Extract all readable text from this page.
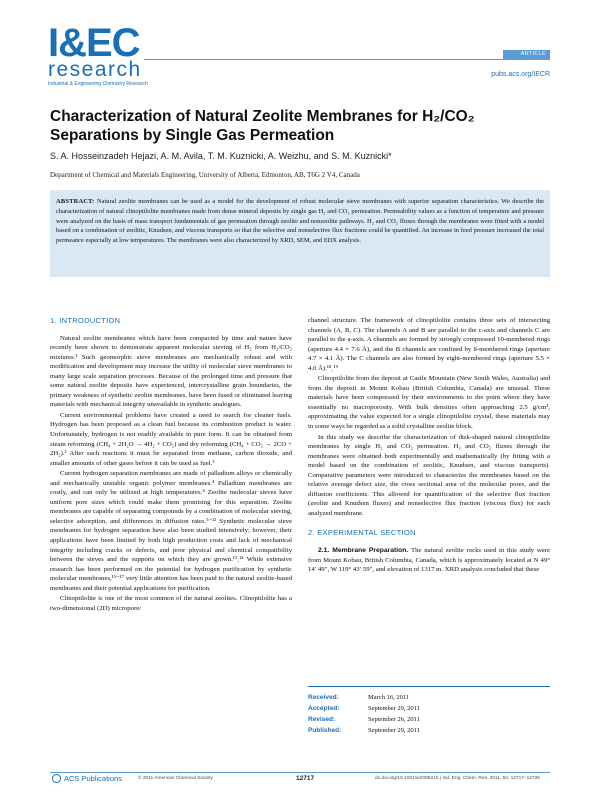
I&EC
research
Industrial & Engineering Chemistry Research
ARTICLE
pubs.acs.org/IECR
Characterization of Natural Zeolite Membranes for H₂/CO₂ Separations by Single Gas Permeation
S. A. Hosseinzadeh Hejazi, A. M. Avila, T. M. Kuznicki, A. Weizhu, and S. M. Kuznicki*
Department of Chemical and Materials Engineering, University of Alberta, Edmonton, AB, T6G 2 V4, Canada
ABSTRACT: Natural zeolite membranes can be used as a model for the development of robust molecular sieve membranes with superior separation characteristics. We describe the characterization of natural clinoptilolite membranes made from dense mineral deposits by single gas H₂ and CO₂ permeation. Permeability values as a function of temperature and pressure were analyzed on the basis of mass transport fundamentals of gas permeation through zeolite and nonzeolite pathways. H₂ and CO₂ fluxes through the membranes were fitted with a model based on a combination of zeolitic, Knudsen, and viscous transports so that the selective and nonselective flux fractions could be quantified. An increase in feed pressure increased the total permeance especially at low temperatures. The membranes were also characterized by XRD, SEM, and EDX analysis.
1. INTRODUCTION

Natural zeolite membranes which have been compacted by time and nature have recently been shown to demonstrate apparent molecular sieving of H₂ from H₂/CO₂ mixtures.¹ Such geomorphic sieve membranes are mechanically robust and with modification and development may increase the utility of molecular sieve membranes to many large scale separation processes. Because of the prolonged time and pressure that some natural zeolite deposits have experienced, intercrystalline grain boundaries, the primary weakness of synthetic zeolite membranes, have been fused or eliminated leaving materials with mechanical integrity unavailable in synthetic analogues.

Current environmental problems have created a need to search for cleaner fuels. Hydrogen has been proposed as a clean fuel because its combustion product is water. Unfortunately, hydrogen is not readily available in pure form. It can be obtained from steam reforming (CH₄ + 2H₂O → 4H₂ + CO₂) and dry reforming (CH₄ + CO₂ → 2CO + 2H₂).² After such reactions it must be separated from methane, carbon dioxide, and smaller amounts of other gases before it can be used as fuel.³

Current hydrogen separation membranes are made of palladium alloys or chemically and mechanically unstable organic polymer membranes.⁴ Palladium membranes are costly, and can only be utilized at high temperatures.⁴ Zeolite molecular sieves have uniform pore sizes which could make them promising for this separation. Zeolite membranes are capable of separating compounds by a combination of molecular sieving, selective adsorption, and differences in diffusion rates.⁵⁻¹² Synthetic molecular sieve membranes for hydrogen separation have also been studied intensively; however, their applications have been limited by both high production costs and lack of mechanical integrity including cracks or defects, and poor physical and chemical compatibility between the sieves and the supports on which they are grown.¹³ˏ¹⁴ While extensive research has been performed on the potential for hydrogen purification by synthetic molecular membranes,¹⁵⁻¹⁷ very little attention has been paid to the natural zeolite-based membranes and their potential applications for purification.

Clinoptilolite is one of the most common of the natural zeolites. Clinoptilolite has a two-dimensional (2D) micropore/

channel structure. The framework of clinoptilolite contains three sets of intersecting channels (A, B, C). The channels A and B are parallel to the c-axis and channels C are parallel to the a-axis. A channels are formed by strongly compressed 10-membered rings (aperture 4.4 × 7.6 Å), and the B channels are confined by 8-membered rings (aperture 4.7 × 4.1 Å). The C channels are also formed by eight-membered rings (aperture 5.5 × 4.0 Å).¹⁸ˏ¹⁹

Clinoptilolite from the deposit at Castle Mountain (New South Wales, Australia) and from the deposit in Mount Kobau (British Columbia, Canada) are unusual. These materials have been compressed by their environments to the point where they have essentially no macroporosity. With bulk densities often approaching 2.5 g/cm³, approximating the value expected for a single clinoptilolite crystal, these materials may in some ways be regarded as a solid crystalline zeolite block.

In this study we describe the characterization of disk-shaped natural clinoptilolite membranes by single H₂ and CO₂ permeation. H₂ and CO₂ fluxes through the membranes were obtained both experimentally and mathematically (by fitting with a model based on the combination of zeolitic, Knudsen, and viscous transports). Comparative parameters were introduced to characterize the membranes based on the relative average defect size, the cross sectional area of the molecular pores, and the diffusion coefficients. This allowed for quantification of the selective flux fraction (zeolite and Knudsen fluxes) and nonselective flux fraction (viscous flux) for each analyzed membrane.

2. EXPERIMENTAL SECTION

2.1. Membrane Preparation. The natural zeolite rocks used in this study were from Mount Kobau, British Columbia, Canada, which is approximately located at N 49° 14′ 49″, W 119° 43′ 59″, and elevation of 1317 m. XRD analysis concluded that these

Received:	March 16, 2011
Accepted:	September 29, 2011
Revised:	September 26, 2011
Published:	September 29, 2011
ACS Publications	© 2011 American Chemical Society	12717	dx.doi.org/10.1021/ie200521h | Ind. Eng. Chem. Res. 2011, 50, 12717–12726
